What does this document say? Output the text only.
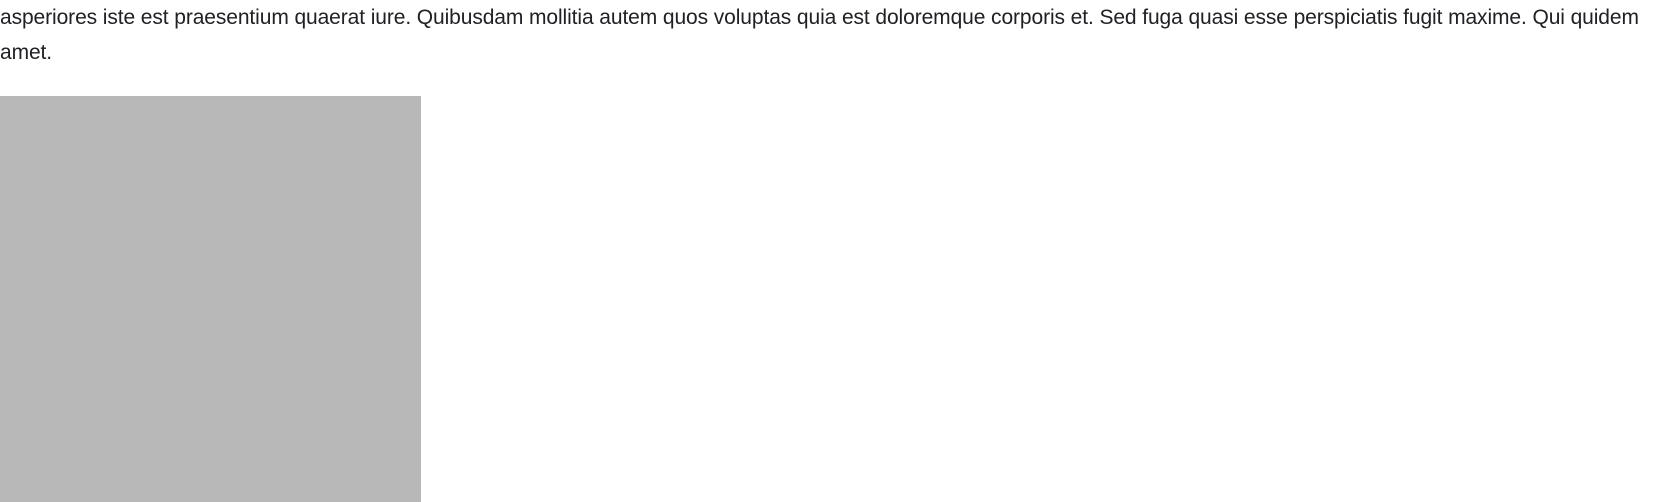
asperiores iste est praesentium quaerat iure. Quibusdam mollitia autem quos voluptas quia est doloremque corporis et. Sed fuga quasi esse perspiciatis fugit maxime. Qui quidem amet.
